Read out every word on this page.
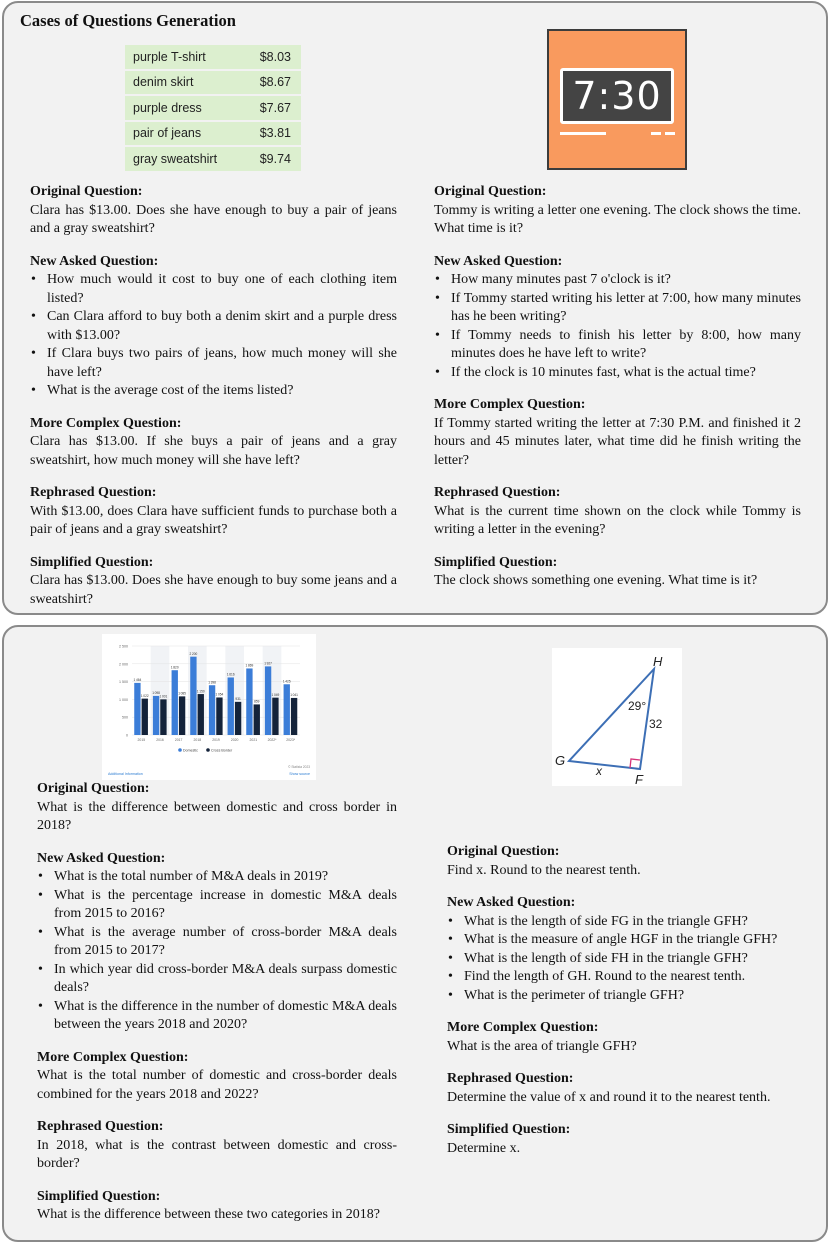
Cases of Questions Generation
purple T-shirt	$8.03
denim skirt	$8.67
purple dress	$7.67
pair of jeans	$3.81
gray sweatshirt	$9.74
7:30
Original Question:
Clara has $13.00. Does she have enough to buy a pair of jeans and a gray sweatshirt?
New Asked Question:
• How much would it cost to buy one of each clothing item listed?
• Can Clara afford to buy both a denim skirt and a purple dress with $13.00?
• If Clara buys two pairs of jeans, how much money will she have left?
• What is the average cost of the items listed?
More Complex Question:
Clara has $13.00. If she buys a pair of jeans and a gray sweatshirt, how much money will she have left?
Rephrased Question:
With $13.00, does Clara have sufficient funds to purchase both a pair of jeans and a gray sweatshirt?
Simplified Question:
Clara has $13.00. Does she have enough to buy some jeans and a sweatshirt?
Original Question:
Tommy is writing a letter one evening. The clock shows the time. What time is it?
New Asked Question:
• How many minutes past 7 o'clock is it?
• If Tommy started writing his letter at 7:00, how many minutes has he been writing?
• If Tommy needs to finish his letter by 8:00, how many minutes does he have left to write?
• If the clock is 10 minutes fast, what is the actual time?
More Complex Question:
If Tommy started writing the letter at 7:30 P.M. and finished it 2 hours and 45 minutes later, what time did he finish writing the letter?
Rephrased Question:
What is the current time shown on the clock while Tommy is writing a letter in the evening?
Simplified Question:
The clock shows something one evening. What time is it?
0
500
1 000
1 500
2 000
2 500
1 464
1 022
2015
1 098
1 001
2016
1 820
1 085
2017
2 200
1 150
2018
1 398
1 054
2019
1 616
931
2020
1 869
859
2021
1 927
1 049
2022*
1 425
1 041
2023*
© Statista 2023
Additional Information	Show source
Domestic	Cross Border
H
G
F
29°
32
x
Original Question:
What is the difference between domestic and cross border in 2018?
New Asked Question:
• What is the total number of M&A deals in 2019?
• What is the percentage increase in domestic M&A deals from 2015 to 2016?
• What is the average number of cross-border M&A deals from 2015 to 2017?
• In which year did cross-border M&A deals surpass domestic deals?
• What is the difference in the number of domestic M&A deals between the years 2018 and 2020?
More Complex Question:
What is the total number of domestic and cross-border deals combined for the years 2018 and 2022?
Rephrased Question:
In 2018, what is the contrast between domestic and cross-border?
Simplified Question:
What is the difference between these two categories in 2018?
Original Question:
Find x. Round to the nearest tenth.
New Asked Question:
• What is the length of side FG in the triangle GFH?
• What is the measure of angle HGF in the triangle GFH?
• What is the length of side FH in the triangle GFH?
• Find the length of GH. Round to the nearest tenth.
• What is the perimeter of triangle GFH?
More Complex Question:
What is the area of triangle GFH?
Rephrased Question:
Determine the value of x and round it to the nearest tenth.
Simplified Question:
Determine x.
